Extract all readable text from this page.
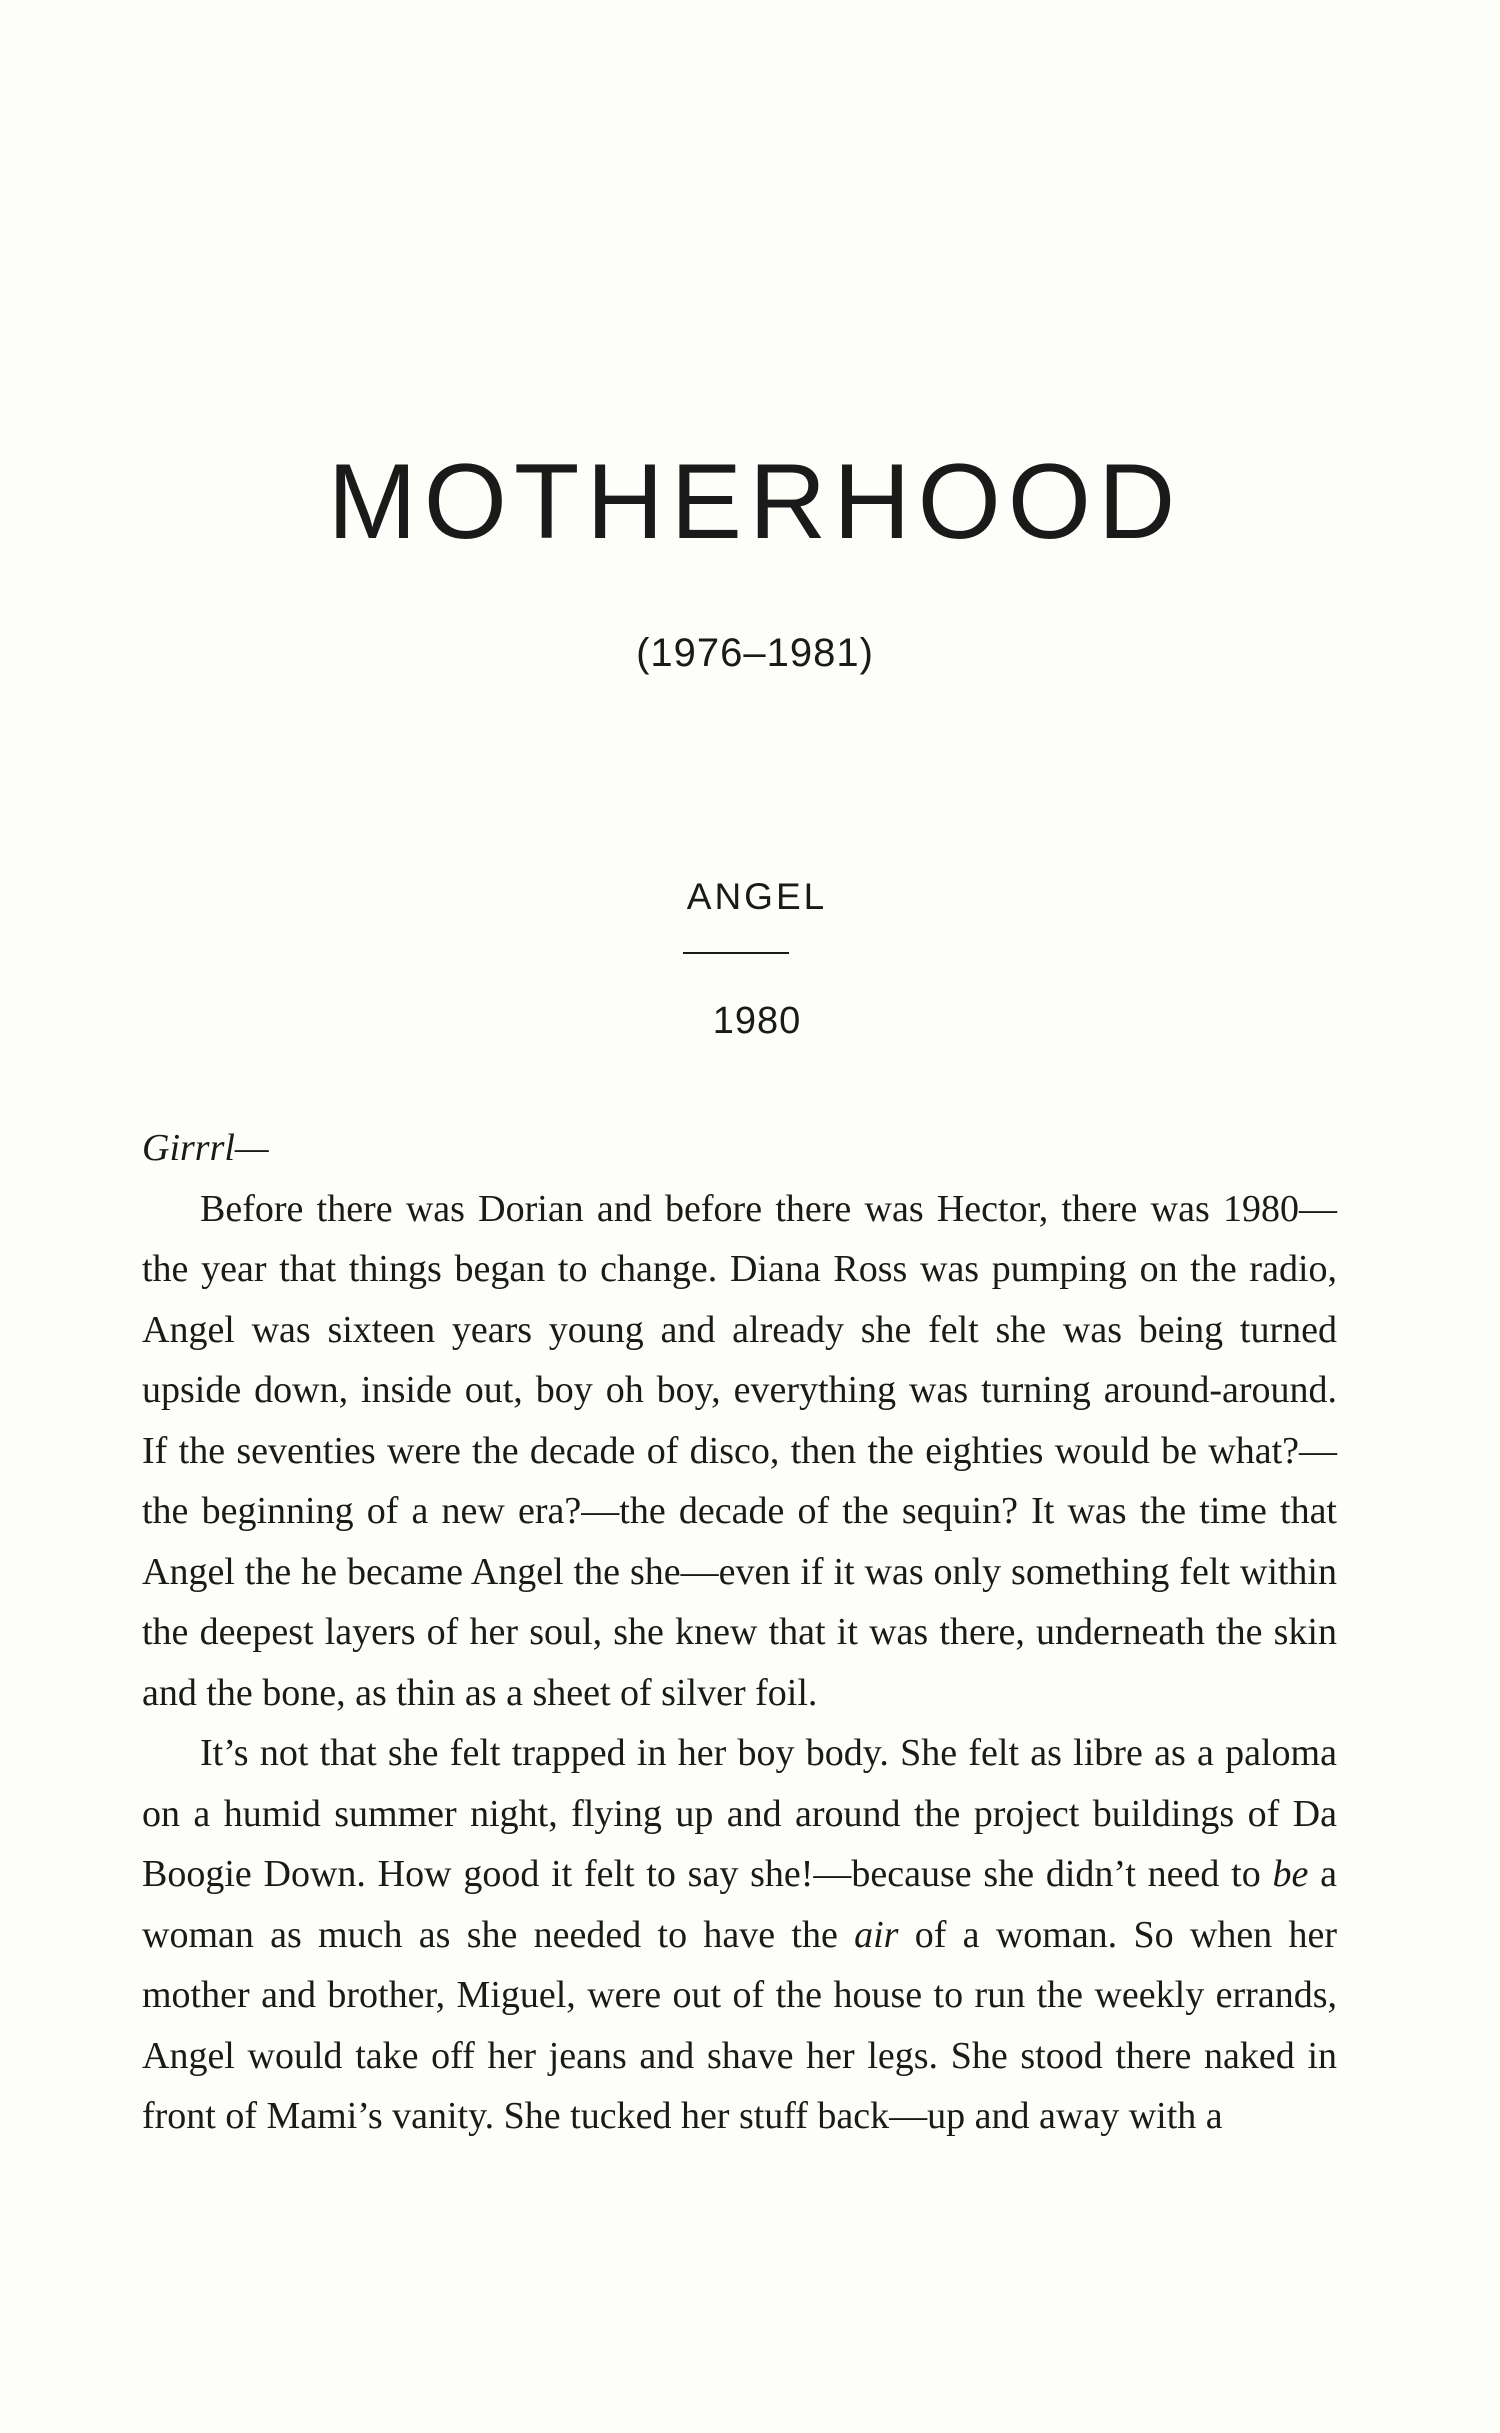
MOTHERHOOD
(1976–1981)
ANGEL
1980

Girrrl—

Before there was Dorian and before there was Hector, there was 1980—the year that things began to change. Diana Ross was pumping on the radio, Angel was sixteen years young and already she felt she was being turned upside down, inside out, boy oh boy, everything was turning around-around. If the seventies were the decade of disco, then the eighties would be what?—the beginning of a new era?—the decade of the sequin? It was the time that Angel the he became Angel the she—even if it was only something felt within the deepest layers of her soul, she knew that it was there, underneath the skin and the bone, as thin as a sheet of silver foil.

It’s not that she felt trapped in her boy body. She felt as libre as a paloma on a humid summer night, flying up and around the project buildings of Da Boogie Down. How good it felt to say she!—because she didn’t need to be a woman as much as she needed to have the air of a woman. So when her mother and brother, Miguel, were out of the house to run the weekly errands, Angel would take off her jeans and shave her legs. She stood there naked in front of Mami’s vanity. She tucked her stuff back—up and away with a
